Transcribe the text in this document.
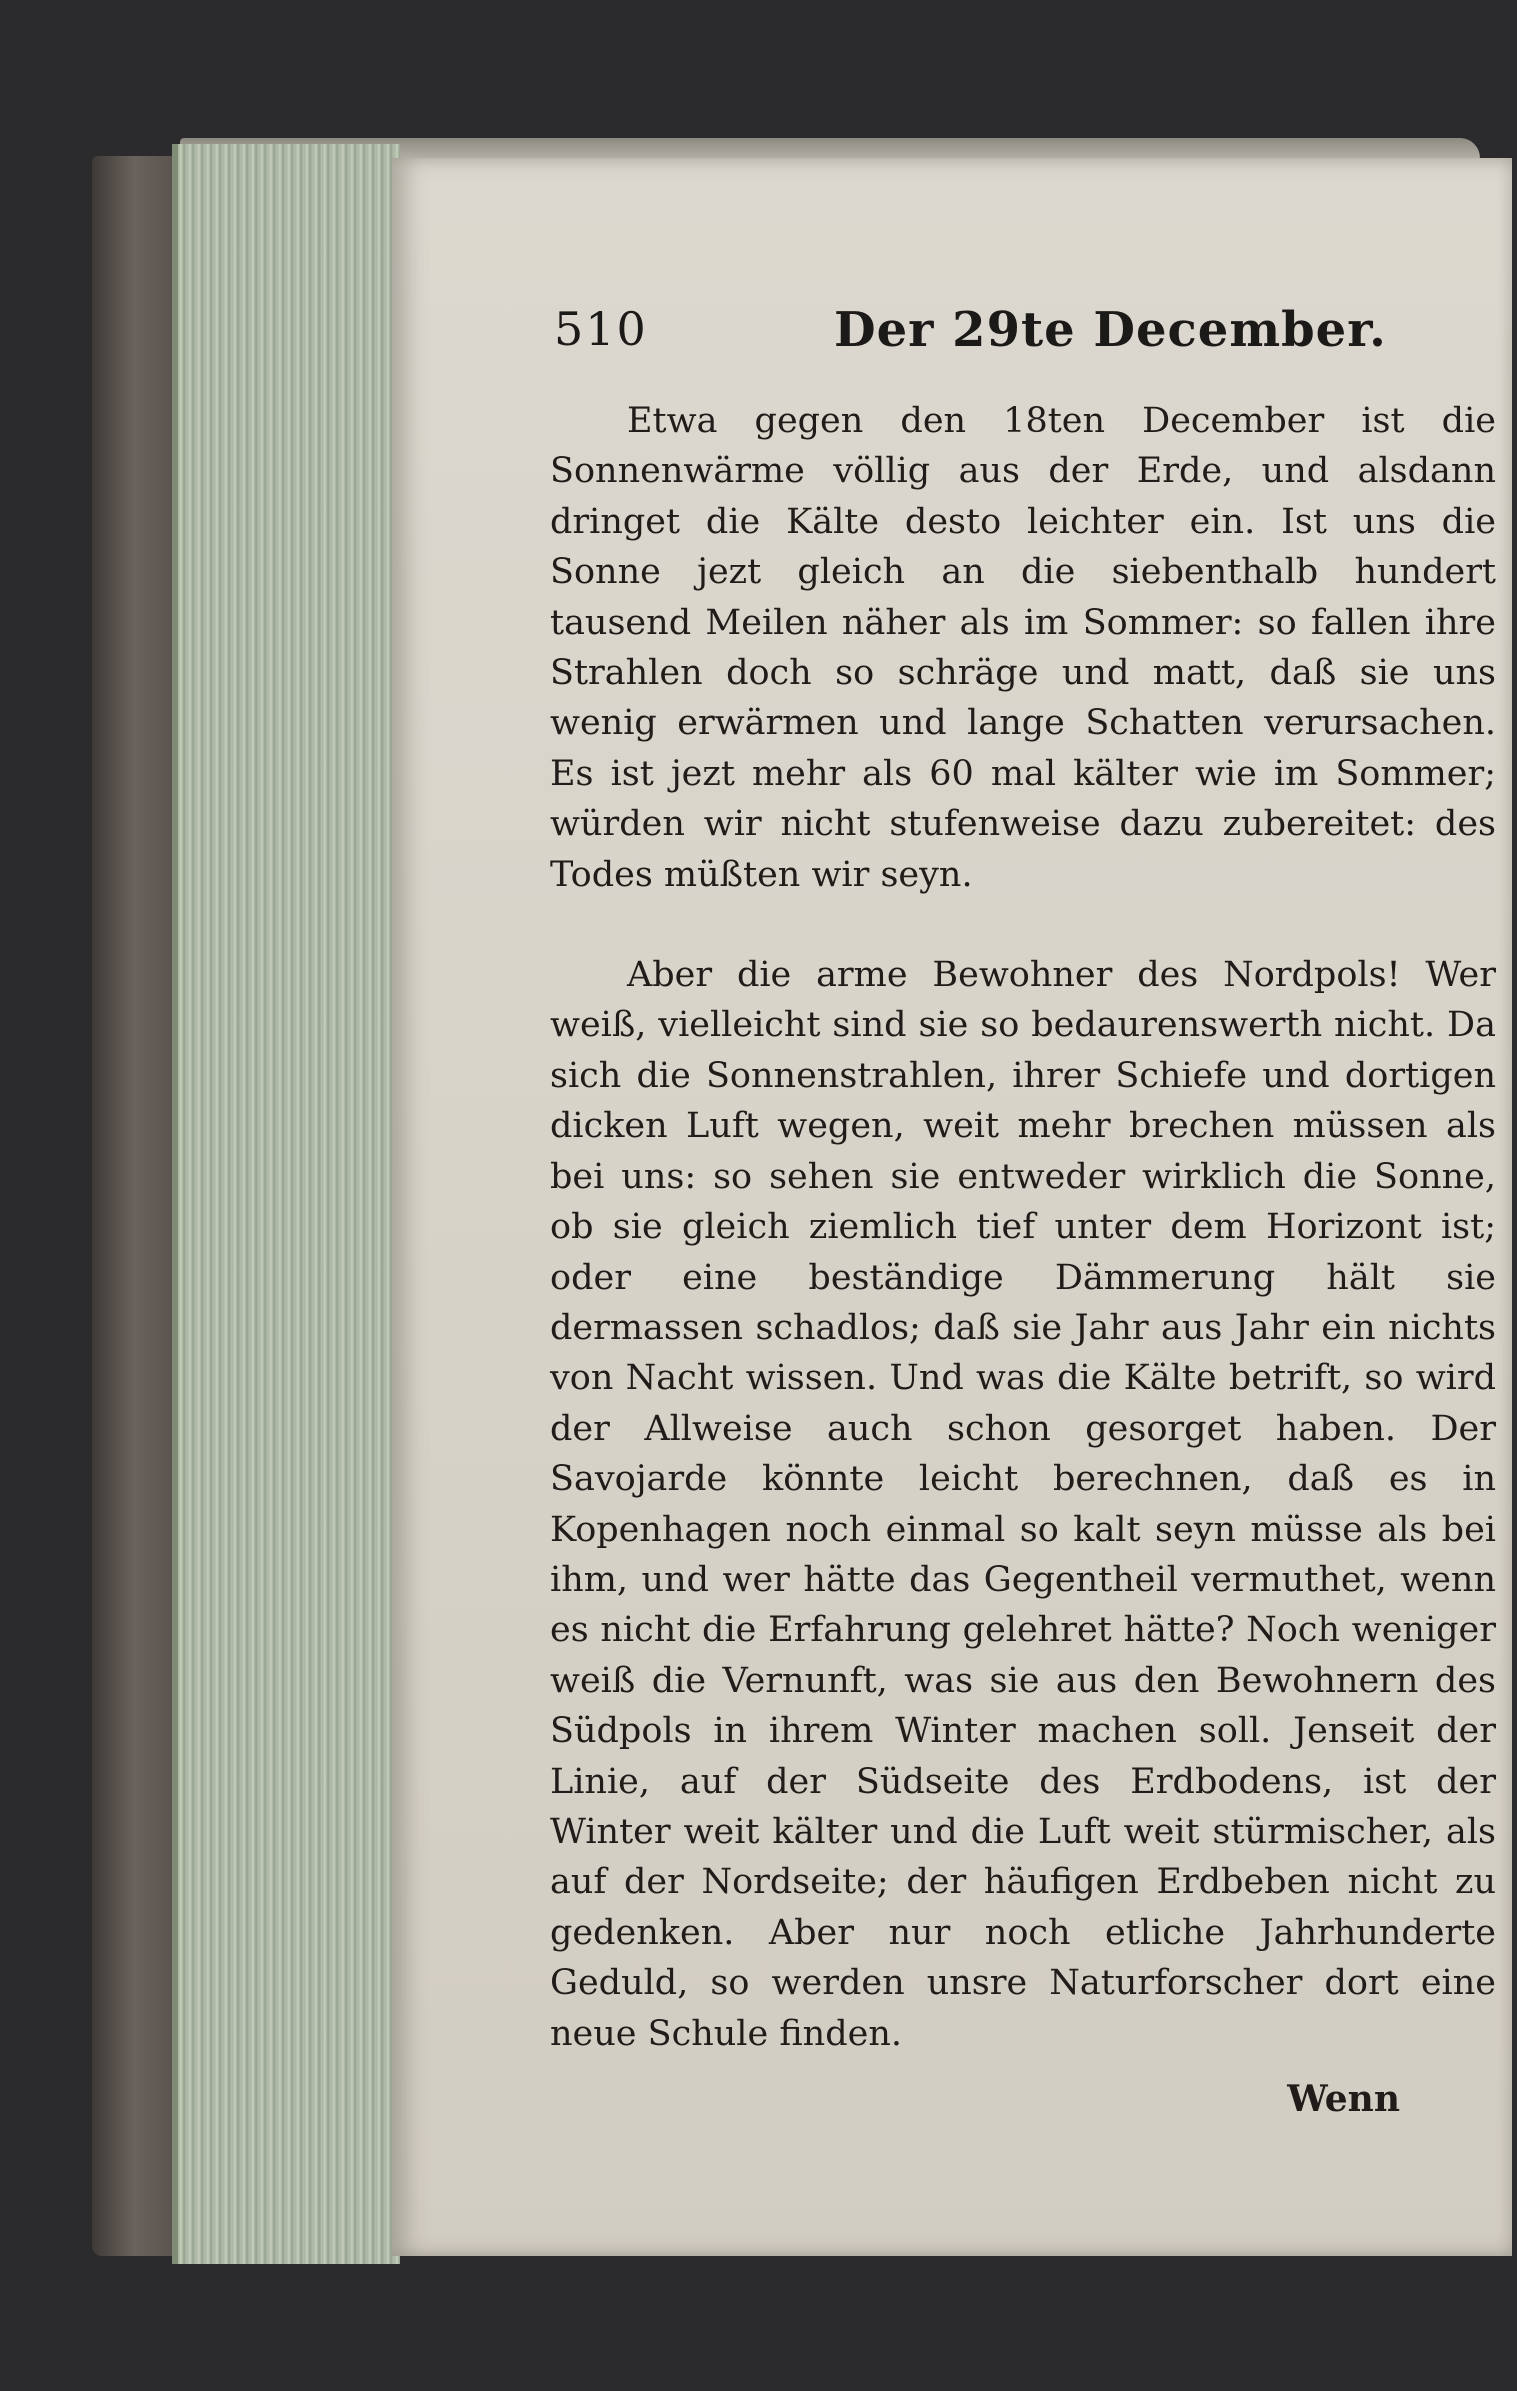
510	Der 29te December.

Etwa gegen den 18ten December ist die Sonnenwärme völlig aus der Erde, und alsdann dringet die Kälte desto leichter ein. Ist uns die Sonne jezt gleich an die siebenthalb hundert tausend Meilen näher als im Sommer: so fallen ihre Strahlen doch so schräge und matt, daß sie uns wenig erwärmen und lange Schatten verursachen. Es ist jezt mehr als 60 mal kälter wie im Sommer; würden wir nicht stufenweise dazu zubereitet: des Todes müßten wir seyn.

Aber die arme Bewohner des Nordpols! Wer weiß, vielleicht sind sie so bedaurenswerth nicht. Da sich die Sonnenstrahlen, ihrer Schiefe und dortigen dicken Luft wegen, weit mehr brechen müssen als bei uns: so sehen sie entweder wirklich die Sonne, ob sie gleich ziemlich tief unter dem Horizont ist; oder eine beständige Dämmerung hält sie dermassen schadlos; daß sie Jahr aus Jahr ein nichts von Nacht wissen. Und was die Kälte betrift, so wird der Allweise auch schon gesorget haben. Der Savojarde könnte leicht berechnen, daß es in Kopenhagen noch einmal so kalt seyn müsse als bei ihm, und wer hätte das Gegentheil vermuthet, wenn es nicht die Erfahrung gelehret hätte? Noch weniger weiß die Vernunft, was sie aus den Bewohnern des Südpols in ihrem Winter machen soll. Jenseit der Linie, auf der Südseite des Erdbodens, ist der Winter weit kälter und die Luft weit stürmischer, als auf der Nordseite; der häufigen Erdbeben nicht zu gedenken. Aber nur noch etliche Jahrhunderte Geduld, so werden unsre Naturforscher dort eine neue Schule finden.

Wenn
